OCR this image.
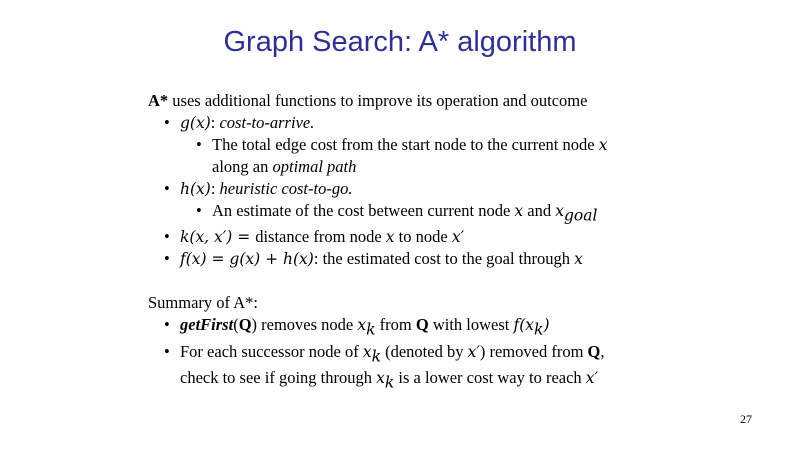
Graph Search: A* algorithm
A* uses additional functions to improve its operation and outcome
• g(x): cost-to-arrive.
• The total edge cost from the start node to the current node x
along an optimal path
• h(x): heuristic cost-to-go.
• An estimate of the cost between current node x and $x_{goal}$
• k(x, x′) = distance from node x to node x′
• f(x) = g(x) + h(x): the estimated cost to the goal through x
Summary of A*:
• getFirst(Q) removes node $x_k$ from Q with lowest $f(x_k)$
• For each successor node of $x_k$ (denoted by x′) removed from Q,
check to see if going through $x_k$ is a lower cost way to reach x′
27
